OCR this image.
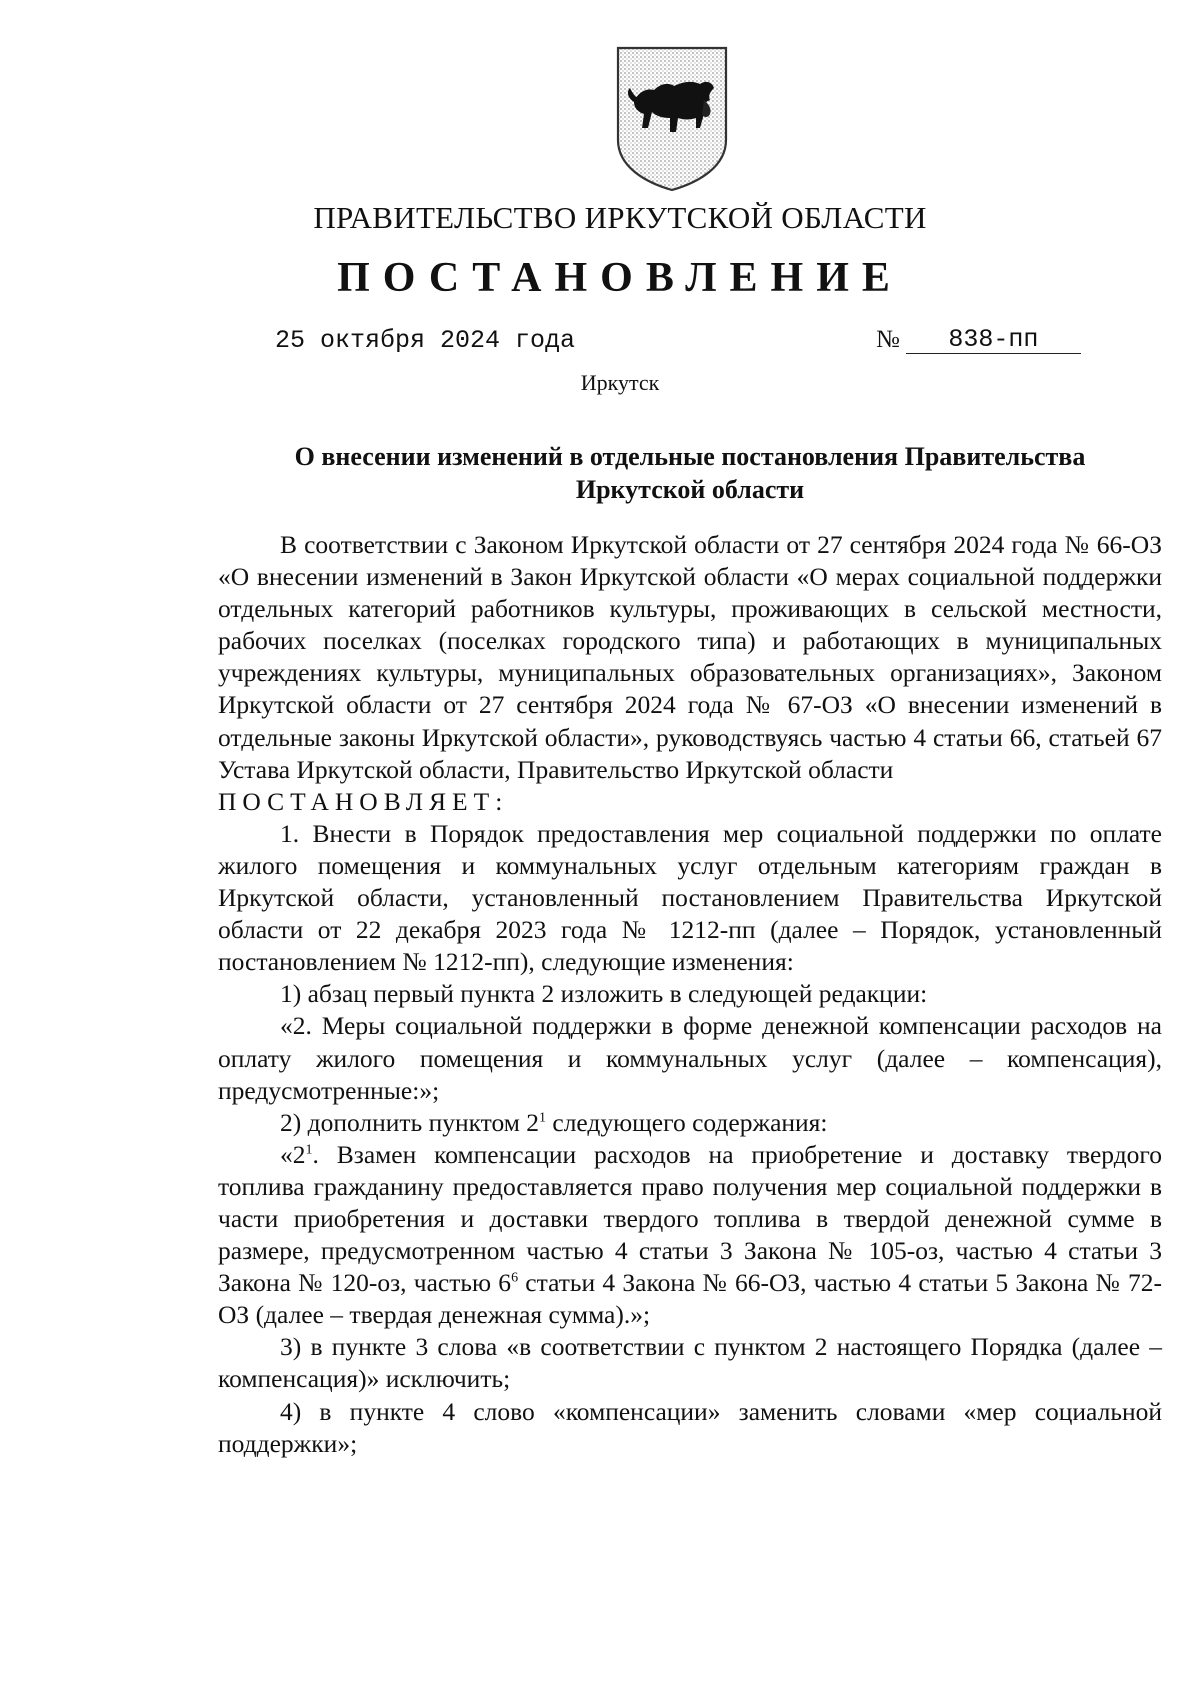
ПРАВИТЕЛЬСТВО ИРКУТСКОЙ ОБЛАСТИ
ПОСТАНОВЛЕНИЕ
25 октября 2024 года	№	838-пп
Иркутск
О внесении изменений в отдельные постановления Правительства
Иркутской области

В соответствии с Законом Иркутской области от 27 сентября 2024 года № 66-ОЗ «О внесении изменений в Закон Иркутской области «О мерах социальной поддержки отдельных категорий работников культуры, проживающих в сельской местности, рабочих поселках (поселках городского типа) и работающих в муниципальных учреждениях культуры, муниципальных образовательных организациях», Законом Иркутской области от 27 сентября 2024 года № 67-ОЗ «О внесении изменений в отдельные законы Иркутской области», руководствуясь частью 4 статьи 66, статьей 67 Устава Иркутской области, Правительство Иркутской области

ПОСТАНОВЛЯЕТ:

1. Внести в Порядок предоставления мер социальной поддержки по оплате жилого помещения и коммунальных услуг отдельным категориям граждан в Иркутской области, установленный постановлением Правительства Иркутской области от 22 декабря 2023 года № 1212-пп (далее – Порядок, установленный постановлением № 1212-пп), следующие изменения:

1) абзац первый пункта 2 изложить в следующей редакции:

«2. Меры социальной поддержки в форме денежной компенсации расходов на оплату жилого помещения и коммунальных услуг (далее – компенсация), предусмотренные:»;

2) дополнить пунктом $2^1$ следующего содержания:

«$2^1$. Взамен компенсации расходов на приобретение и доставку твердого топлива гражданину предоставляется право получения мер социальной поддержки в части приобретения и доставки твердого топлива в твердой денежной сумме в размере, предусмотренном частью 4 статьи 3 Закона № 105-оз, частью 4 статьи 3 Закона № 120-оз, частью $6^6$ статьи 4 Закона № 66-ОЗ, частью 4 статьи 5 Закона № 72-ОЗ (далее – твердая денежная сумма).»;

3) в пункте 3 слова «в соответствии с пунктом 2 настоящего Порядка (далее – компенсация)» исключить;

4) в пункте 4 слово «компенсации» заменить словами «мер социальной поддержки»;
